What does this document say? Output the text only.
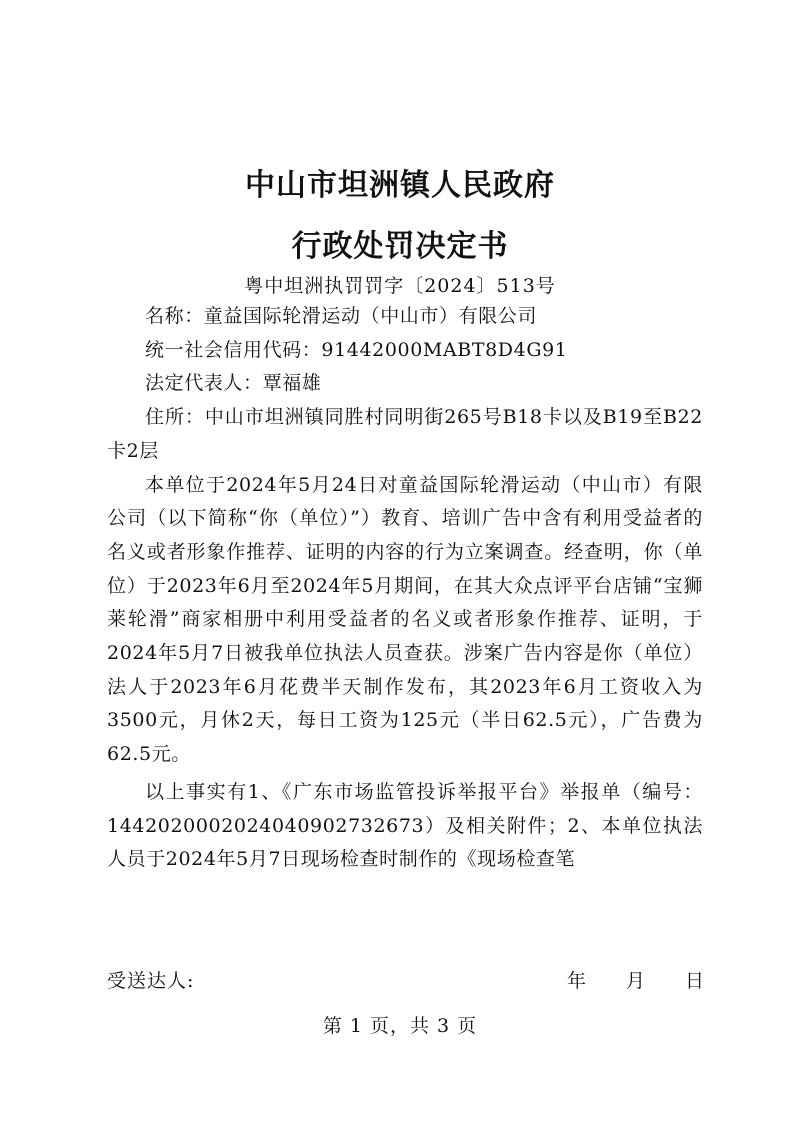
中山市坦洲镇人民政府
行政处罚决定书
粤中坦洲执罚罚字〔2024〕513号

名称：童益国际轮滑运动（中山市）有限公司

统一社会信用代码：91442000MABT8D4G91

法定代表人：覃福雄

住所：中山市坦洲镇同胜村同明街265号B18卡以及B19至B22卡2层

本单位于2024年5月24日对童益国际轮滑运动（中山市）有限公司（以下简称“你（单位）”）教育、培训广告中含有利用受益者的名义或者形象作推荐、证明的内容的行为立案调查。经查明，你（单位）于2023年6月至2024年5月期间，在其大众点评平台店铺“宝狮莱轮滑”商家相册中利用受益者的名义或者形象作推荐、证明，于2024年5月7日被我单位执法人员查获。涉案广告内容是你（单位）法人于2023年6月花费半天制作发布，其2023年6月工资收入为3500元，月休2天，每日工资为125元（半日62.5元），广告费为62.5元。

以上事实有1、《广东市场监管投诉举报平台》举报单（编号：1442020002024040902732673）及相关附件；2、本单位执法人员于2024年5月7日现场检查时制作的《现场检查笔

受送达人:	年 月 日
第 1 页，共 3 页
